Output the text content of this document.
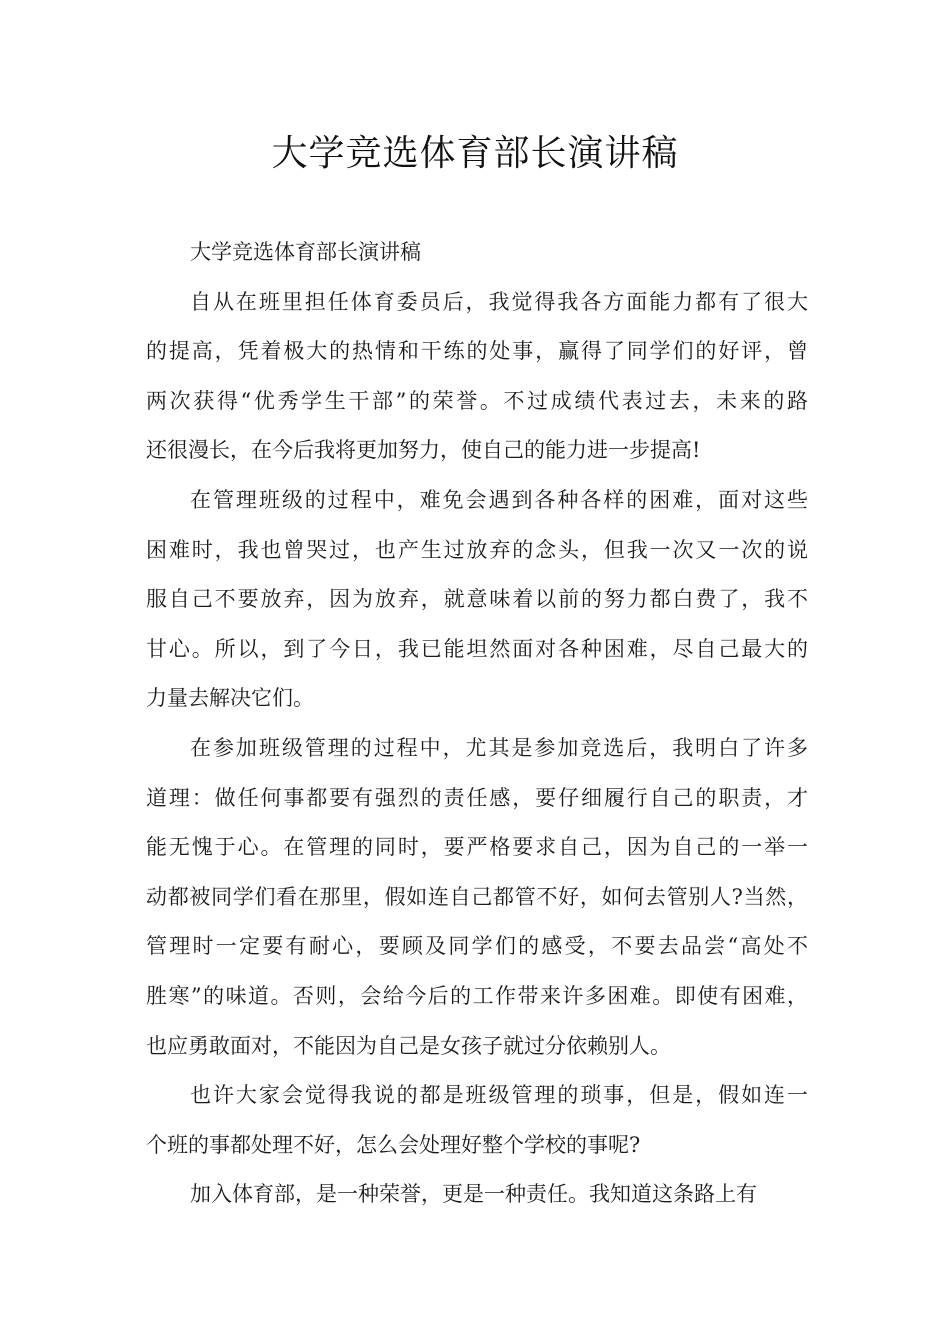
大学竞选体育部长演讲稿
大学竞选体育部长演讲稿
自从在班里担任体育委员后，我觉得我各方面能力都有了很大
的提高，凭着极大的热情和干练的处事，赢得了同学们的好评，曾
两次获得“优秀学生干部”的荣誉。不过成绩代表过去，未来的路
还很漫长，在今后我将更加努力，使自己的能力进一步提高!
在管理班级的过程中，难免会遇到各种各样的困难，面对这些
困难时，我也曾哭过，也产生过放弃的念头，但我一次又一次的说
服自己不要放弃，因为放弃，就意味着以前的努力都白费了，我不
甘心。所以，到了今日，我已能坦然面对各种困难，尽自己最大的
力量去解决它们。
在参加班级管理的过程中，尤其是参加竞选后，我明白了许多
道理：做任何事都要有强烈的责任感，要仔细履行自己的职责，才
能无愧于心。在管理的同时，要严格要求自己，因为自己的一举一
动都被同学们看在那里，假如连自己都管不好，如何去管别人?当然，
管理时一定要有耐心，要顾及同学们的感受，不要去品尝“高处不
胜寒”的味道。否则，会给今后的工作带来许多困难。即使有困难，
也应勇敢面对，不能因为自己是女孩子就过分依赖别人。
也许大家会觉得我说的都是班级管理的琐事，但是，假如连一
个班的事都处理不好，怎么会处理好整个学校的事呢?
加入体育部，是一种荣誉，更是一种责任。我知道这条路上有
